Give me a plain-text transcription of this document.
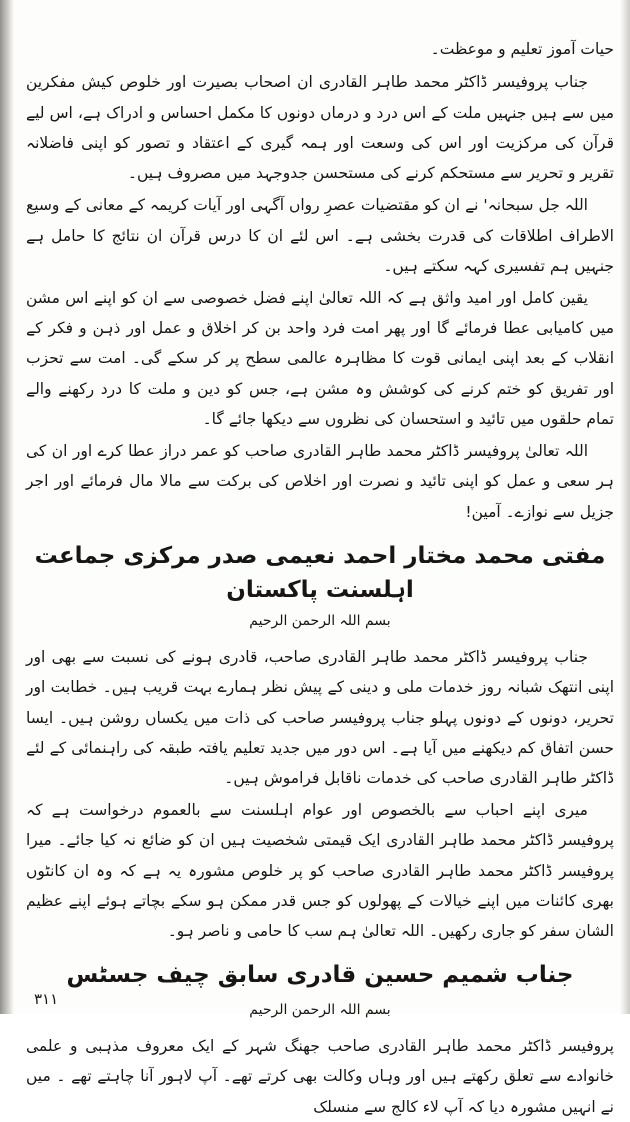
حیات آموز تعلیم و موعظت۔

جناب پروفیسر ڈاکٹر محمد طاہر القادری ان اصحاب بصیرت اور خلوص کیش مفکرین میں سے ہیں جنہیں ملت کے اس درد و درماں دونوں کا مکمل احساس و ادراک ہے، اس لیے قرآن کی مرکزیت اور اس کی وسعت اور ہمہ گیری کے اعتقاد و تصور کو اپنی فاضلانہ تقریر و تحریر سے مستحکم کرنے کی مستحسن جدوجہد میں مصروف ہیں۔

اللہ جل سبحانہ' نے ان کو مقتضیات عصرِ رواں آگہی اور آیات کریمہ کے معانی کے وسیع الاطراف اطلاقات کی قدرت بخشی ہے۔ اس لئے ان کا درس قرآن ان نتائج کا حامل ہے جنہیں ہم تفسیری کہہ سکتے ہیں۔

یقین کامل اور امید واثق ہے کہ اللہ تعالیٰ اپنے فضل خصوصی سے ان کو اپنے اس مشن میں کامیابی عطا فرمائے گا اور پھر امت فرد واحد بن کر اخلاق و عمل اور ذہن و فکر کے انقلاب کے بعد اپنی ایمانی قوت کا مظاہرہ عالمی سطح پر کر سکے گی۔ امت سے تحزب اور تفریق کو ختم کرنے کی کوشش وہ مشن ہے، جس کو دین و ملت کا درد رکھنے والے تمام حلقوں میں تائید و استحسان کی نظروں سے دیکھا جائے گا۔

اللہ تعالیٰ پروفیسر ڈاکٹر محمد طاہر القادری صاحب کو عمر دراز عطا کرے اور ان کی ہر سعی و عمل کو اپنی تائید و نصرت اور اخلاص کی برکت سے مالا مال فرمائے اور اجر جزیل سے نوازے۔ آمین!

مفتی محمد مختار احمد نعیمی صدر مرکزی جماعت اہلسنت پاکستان
بسم اللہ الرحمن الرحیم

جناب پروفیسر ڈاکٹر محمد طاہر القادری صاحب، قادری ہونے کی نسبت سے بھی اور اپنی انتھک شبانہ روز خدمات ملی و دینی کے پیش نظر ہمارے بہت قریب ہیں۔ خطابت اور تحریر، دونوں کے دونوں پہلو جناب پروفیسر صاحب کی ذات میں یکساں روشن ہیں۔ ایسا حسن اتفاق کم دیکھنے میں آیا ہے۔ اس دور میں جدید تعلیم یافتہ طبقہ کی راہنمائی کے لئے ڈاکٹر طاہر القادری صاحب کی خدمات ناقابل فراموش ہیں۔

میری اپنے احباب سے بالخصوص اور عوام اہلسنت سے بالعموم درخواست ہے کہ پروفیسر ڈاکٹر محمد طاہر القادری ایک قیمتی شخصیت ہیں ان کو ضائع نہ کیا جائے۔ میرا پروفیسر ڈاکٹر محمد طاہر القادری صاحب کو پر خلوص مشورہ یہ ہے کہ وہ ان کانٹوں بھری کائنات میں اپنے خیالات کے پھولوں کو جس قدر ممکن ہو سکے بچاتے ہوئے اپنے عظیم الشان سفر کو جاری رکھیں۔ اللہ تعالیٰ ہم سب کا حامی و ناصر ہو۔

جناب شمیم حسین قادری سابق چیف جسٹس
بسم اللہ الرحمن الرحیم

پروفیسر ڈاکٹر محمد طاہر القادری صاحب جھنگ شہر کے ایک معروف مذہبی و علمی خانوادے سے تعلق رکھتے ہیں اور وہاں وکالت بھی کرتے تھے۔ آپ لاہور آنا چاہتے تھے ۔ میں نے انہیں مشورہ دیا کہ آپ لاء کالج سے منسلک

۳۱۱
